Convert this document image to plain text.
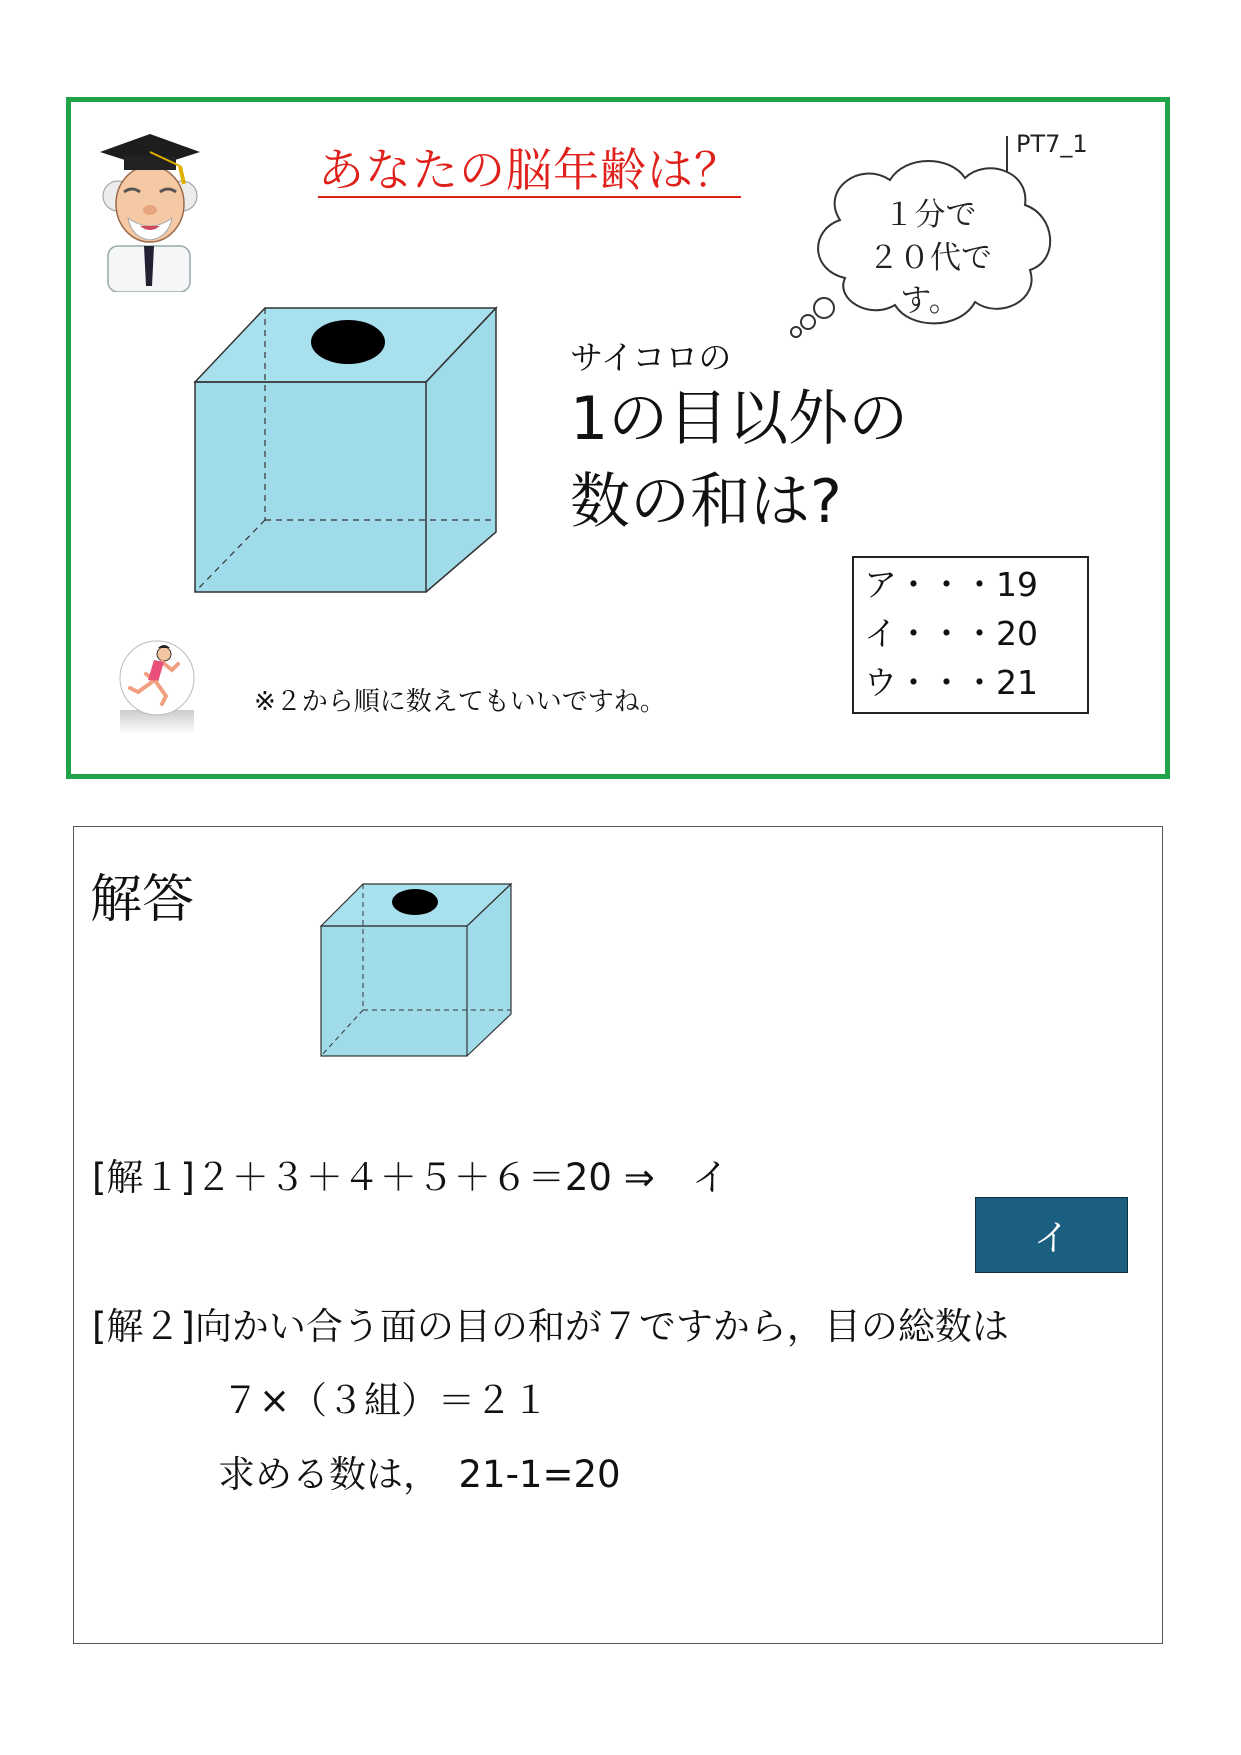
あなたの脳年齢は？	PT7_1
１分で
２０代で
す。
サイコロの
1の目以外の
数の和は?
ア・・・19
イ・・・20
ウ・・・21
※２から順に数えてもいいですね。
解答
[解１]２＋３＋４＋５＋６＝20 ⇒　イ
イ
[解２]向かい合う面の目の和が７ですから，目の総数は
７×（３組）＝２１
求める数は，　21-1=20
